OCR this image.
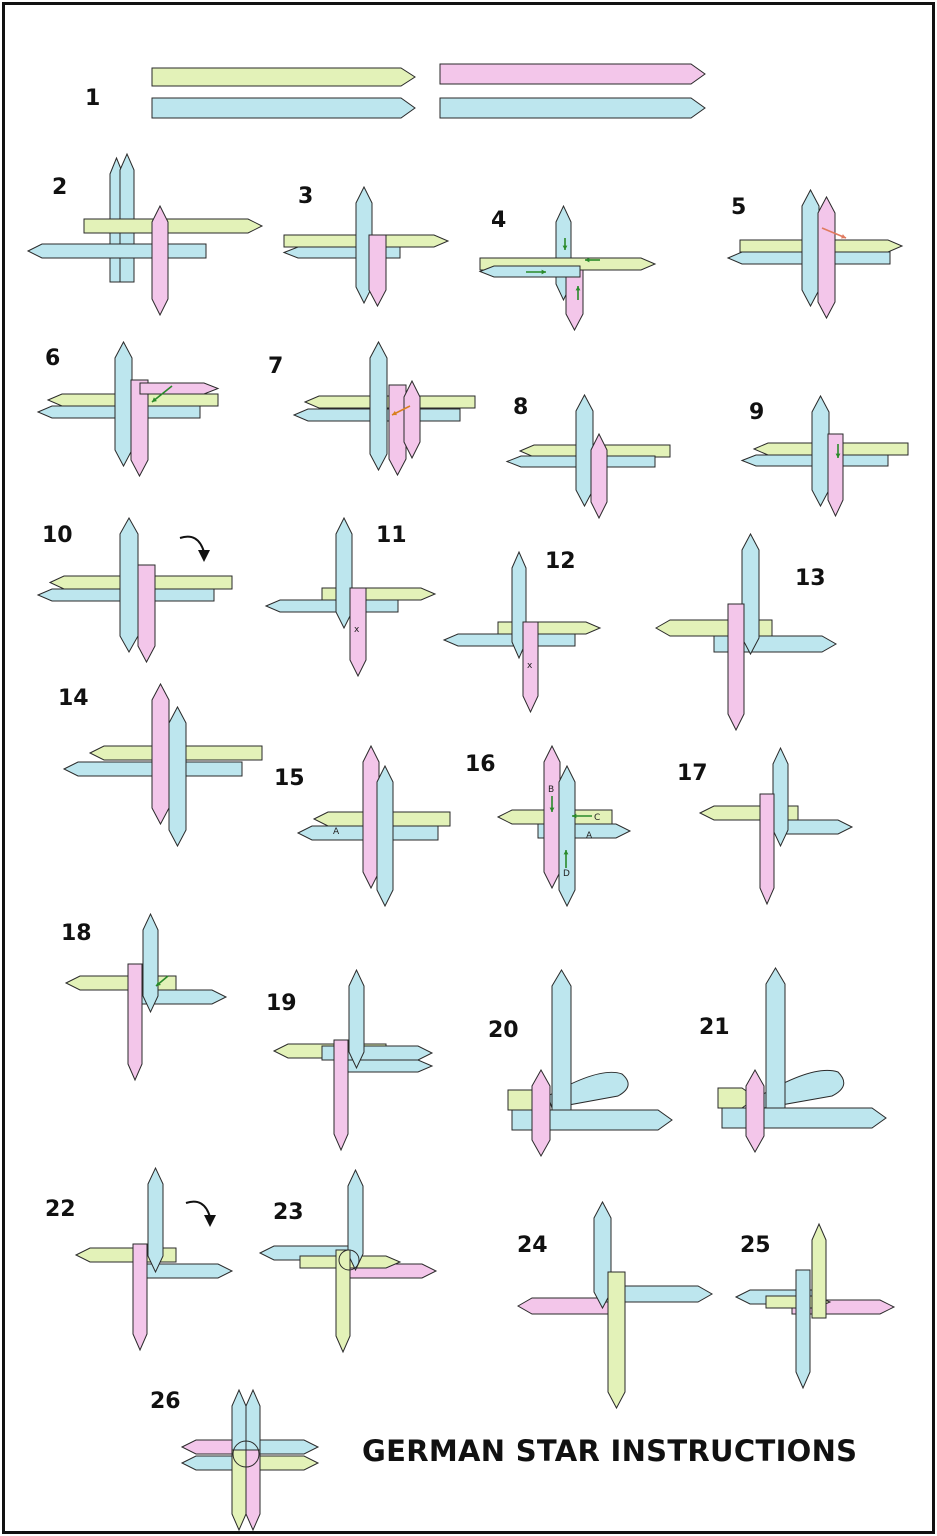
x
x
A
B
C
A
D
1
2	3
4
5
6	7
8	9
10	11
12
13
14
15
16	17
18
19
20	21
22	23
24	25
26
GERMAN STAR INSTRUCTIONS
